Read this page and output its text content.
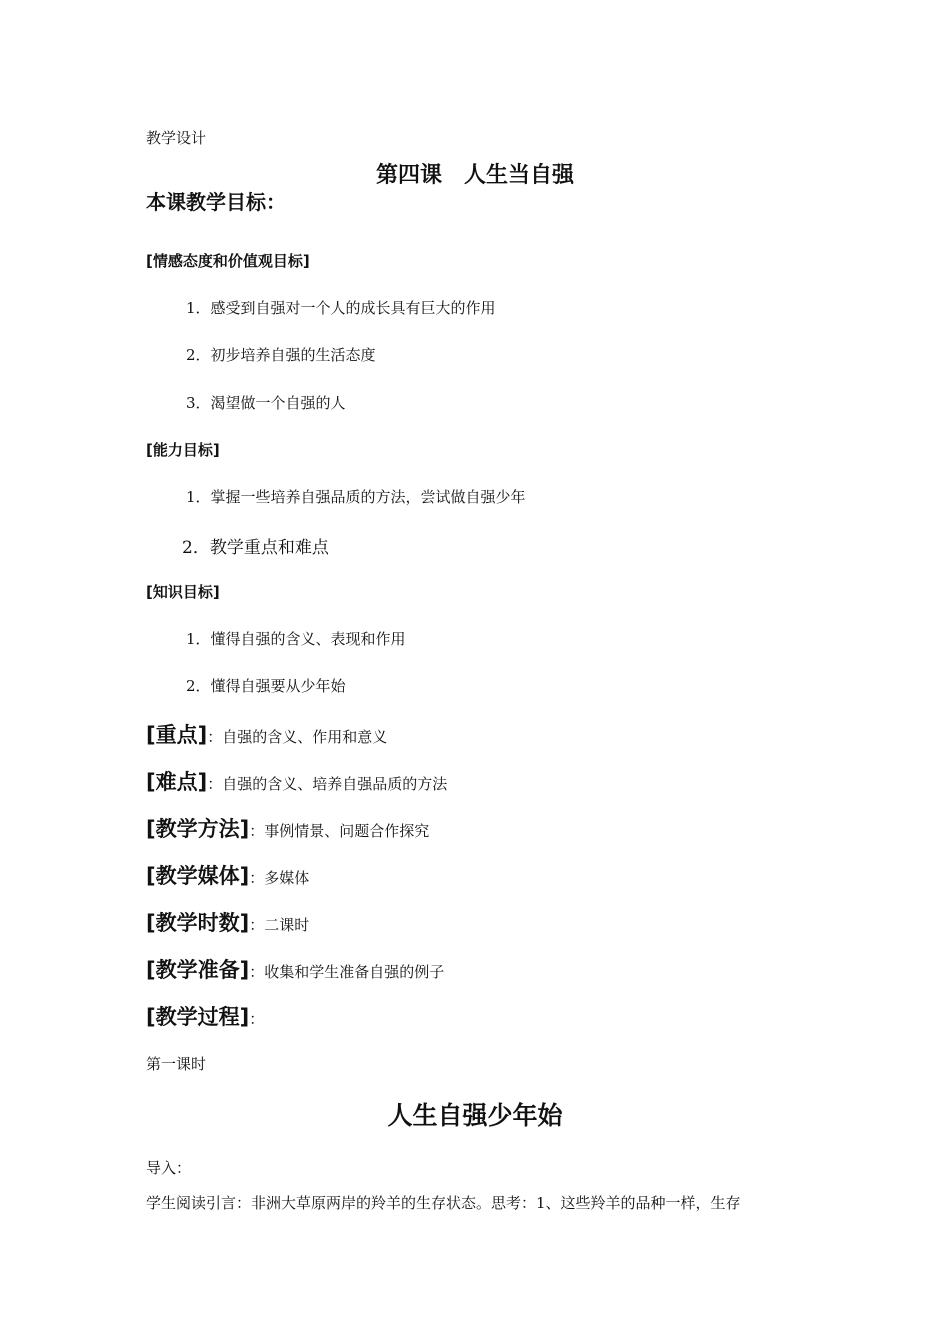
教学设计
第四课　人生当自强
本课教学目标：
[情感态度和价值观目标]
1．感受到自强对一个人的成长具有巨大的作用
2．初步培养自强的生活态度
3．渴望做一个自强的人
[能力目标]
1．掌握一些培养自强品质的方法，尝试做自强少年
2．教学重点和难点
[知识目标]
1．懂得自强的含义、表现和作用
2．懂得自强要从少年始
[重点]：自强的含义、作用和意义
[难点]：自强的含义、培养自强品质的方法
[教学方法]：事例情景、问题合作探究
[教学媒体]：多媒体
[教学时数]：二课时
[教学准备]：收集和学生准备自强的例子
[教学过程]：
第一课时
人生自强少年始
导入：
学生阅读引言：非洲大草原两岸的羚羊的生存状态。思考：1、这些羚羊的品种一样，生存
